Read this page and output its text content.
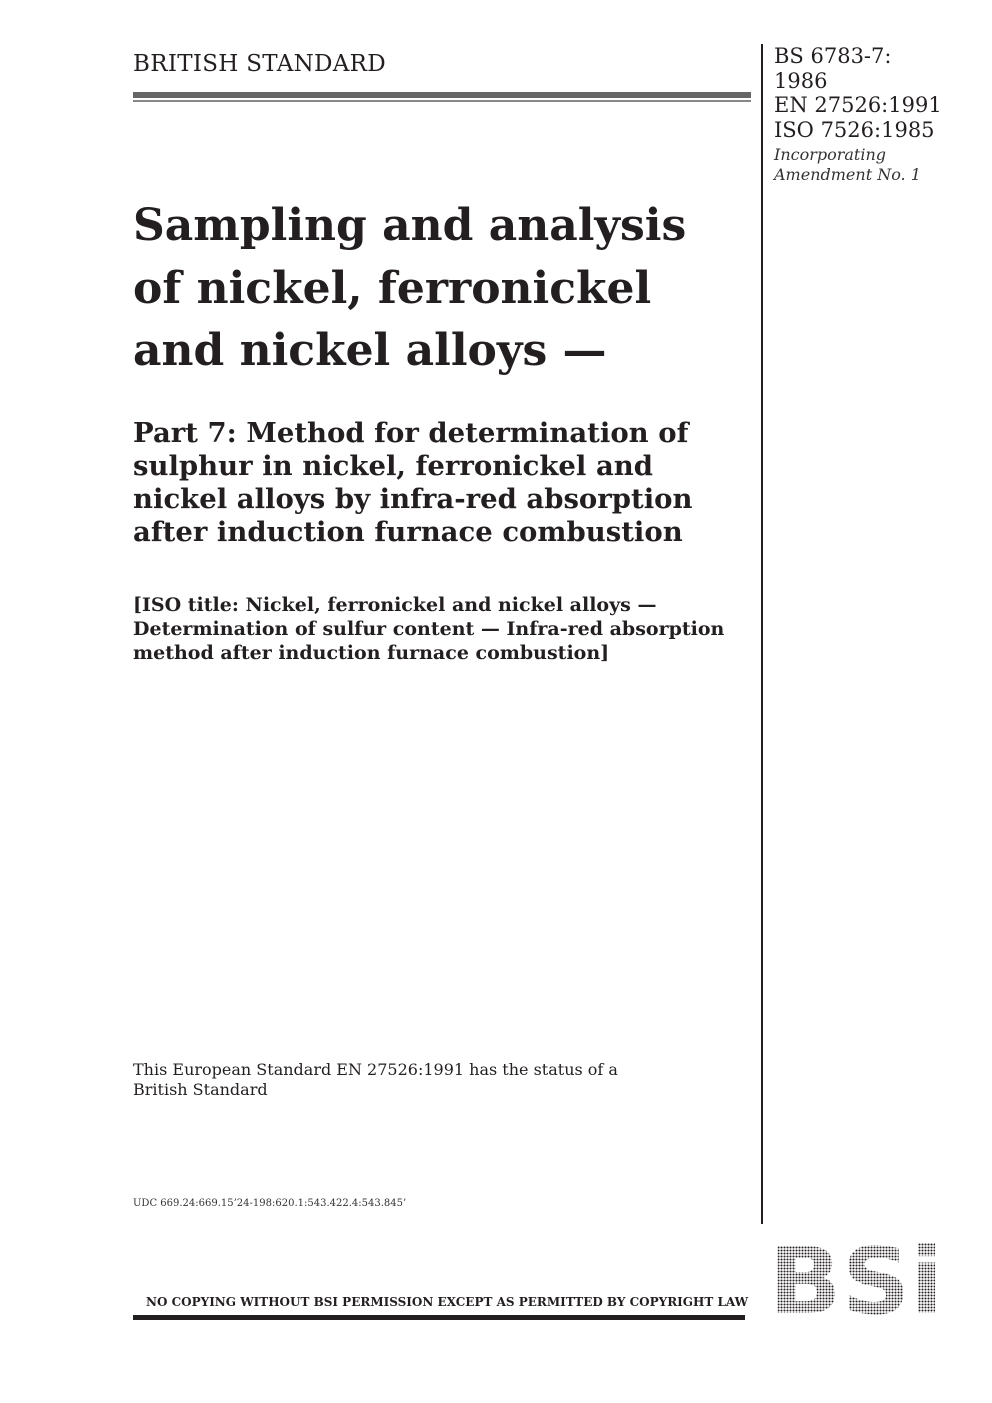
BRITISH STANDARD	BS 6783-7:
1986
EN 27526:1991
ISO 7526:1985
Incorporating
Amendment No. 1
Sampling and analysis
of nickel, ferronickel
and nickel alloys —
Part 7: Method for determination of
sulphur in nickel, ferronickel and
nickel alloys by infra-red absorption
after induction furnace combustion
[ISO title: Nickel, ferronickel and nickel alloys —
Determination of sulfur content — Infra-red absorption
method after induction furnace combustion]
This European Standard EN 27526:1991 has the status of a
British Standard
UDC 669.24:669.15’24-198:620.1:543.422.4:543.845’
NO COPYING WITHOUT BSI PERMISSION EXCEPT AS PERMITTED BY COPYRIGHT LAW BSi
